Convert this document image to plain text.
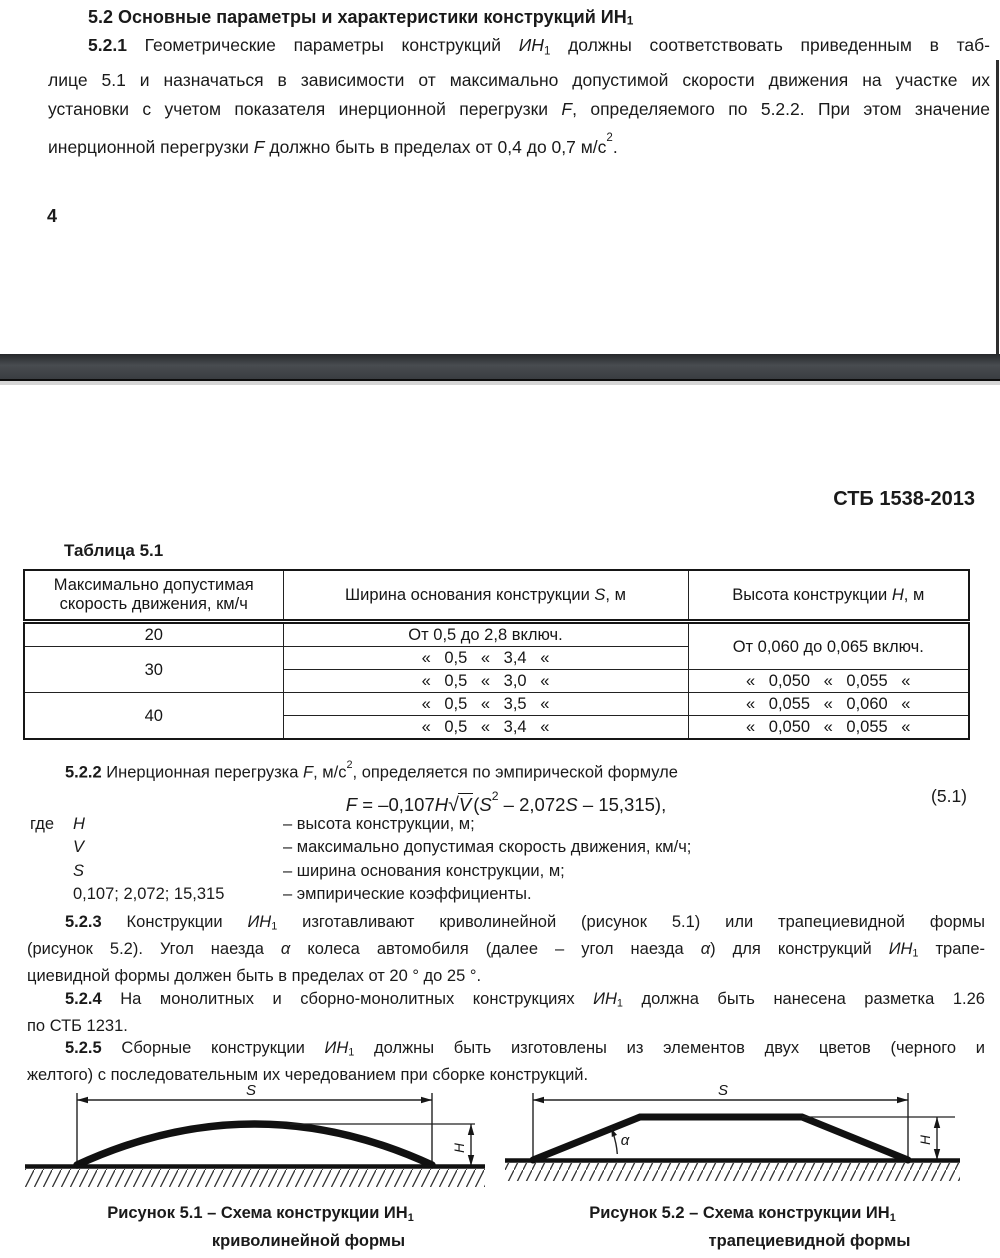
5.2 Основные параметры и характеристики конструкций ИН1
5.2.1 Геометрические параметры конструкций ИН1 должны соответствовать приведенным в таб-
лице 5.1 и назначаться в зависимости от максимально допустимой скорости движения на участке их
установки с учетом показателя инерционной перегрузки F, определяемого по 5.2.2. При этом значение
инерционной перегрузки F должно быть в пределах от 0,4 до 0,7 $м/с^2$.
4
СТБ 1538-2013
Таблица 5.1
Максимально допустимая скорость движения, км/ч	Ширина основания конструкции S, м	Высота конструкции H, м
20	От 0,5 до 2,8 включ.	От 0,060 до 0,065 включ.
30	« 0,5 « 3,4 «	
	« 0,5 « 3,0 «	« 0,050 « 0,055 «
40	« 0,5 « 3,5 «	« 0,055 « 0,060 «
	« 0,5 « 3,4 «	« 0,050 « 0,055 «
5.2.2 Инерционная перегрузка F, $м/с^2$, определяется по эмпирической формуле
F = –0,107H√V $(S^2 - 2,072S - 15,315)$,	(5.1)
где H	– высота конструкции, м;
V	– максимально допустимая скорость движения, км/ч;
S	– ширина основания конструкции, м;
0,107; 2,072; 15,315	– эмпирические коэффициенты.
5.2.3 Конструкции ИН1 изготавливают криволинейной (рисунок 5.1) или трапециевидной формы
(рисунок 5.2). Угол наезда α колеса автомобиля (далее – угол наезда α) для конструкций ИН1 трапе-
циевидной формы должен быть в пределах от 20 ° до 25 °.
5.2.4 На монолитных и сборно-монолитных конструкциях ИН1 должна быть нанесена разметка 1.26
по СТБ 1231.
5.2.5 Сборные конструкции ИН1 должны быть изготовлены из элементов двух цветов (черного и
желтого) с последовательным их чередованием при сборке конструкций.
S
H
S
α	H
Рисунок 5.1 – Схема конструкции ИН1
криволинейной формы
Рисунок 5.2 – Схема конструкции ИН1
трапециевидной формы
